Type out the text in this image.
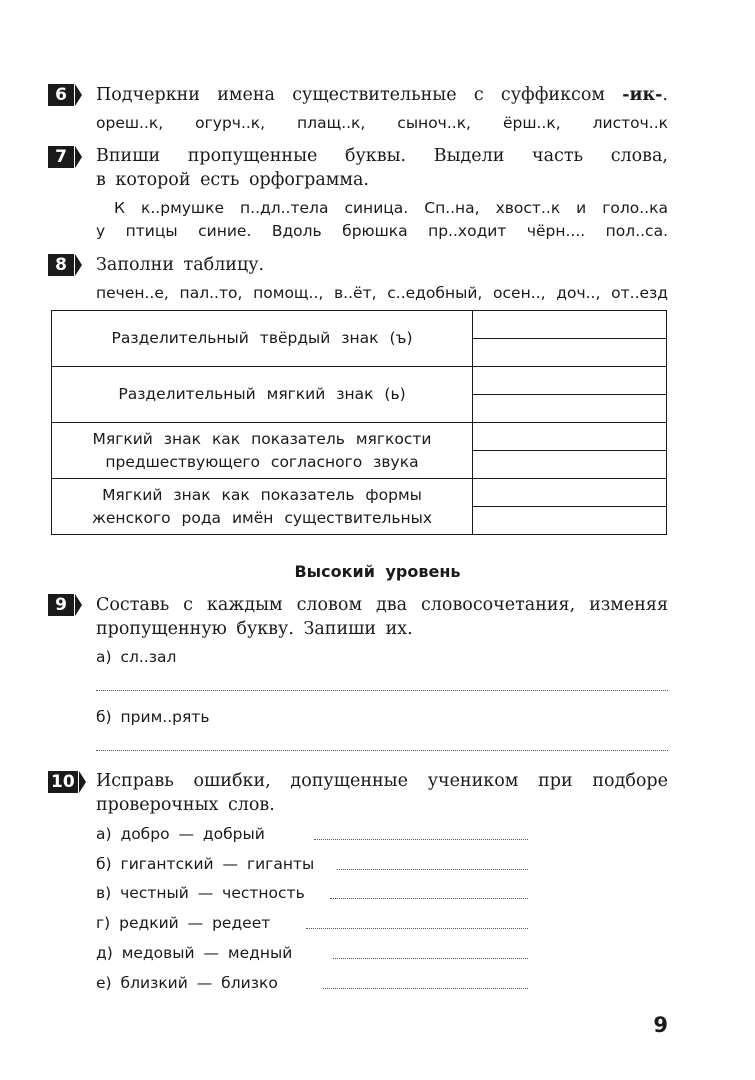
6	Подчеркни имена существительные с суффиксом -ик-.
ореш..к, огурч..к, плащ..к, сыноч..к, ёрш..к, листоч..к
7	Впиши пропущенные буквы. Выдели часть слова,
в которой есть орфограмма.
К к..рмушке п..дл..тела синица. Сп..на, хвост..к и голо..ка
у птицы синие. Вдоль брюшка пр..ходит чёрн.... пол..са.
8	Заполни таблицу.
печен..е, пал..то, помощ.., в..ёт, с..едобный, осен.., доч.., от..езд
Разделительный твёрдый знак (ъ)	

Разделительный мягкий знак (ь)	

Мягкий знак как показатель мягкости
предшествующего согласного звука	

Мягкий знак как показатель формы
женского рода имён существительных	

Высокий уровень
9	Составь с каждым словом два словосочетания, изменяя
пропущенную букву. Запиши их.
а) сл..зал
б) прим..рять
10 Исправь ошибки, допущенные учеником при подборе
проверочных слов.
а) добро — добрый
б) гигантский — гиганты
в) честный — честность
г) редкий — редеет
д) медовый — медный
е) близкий — близко
9
